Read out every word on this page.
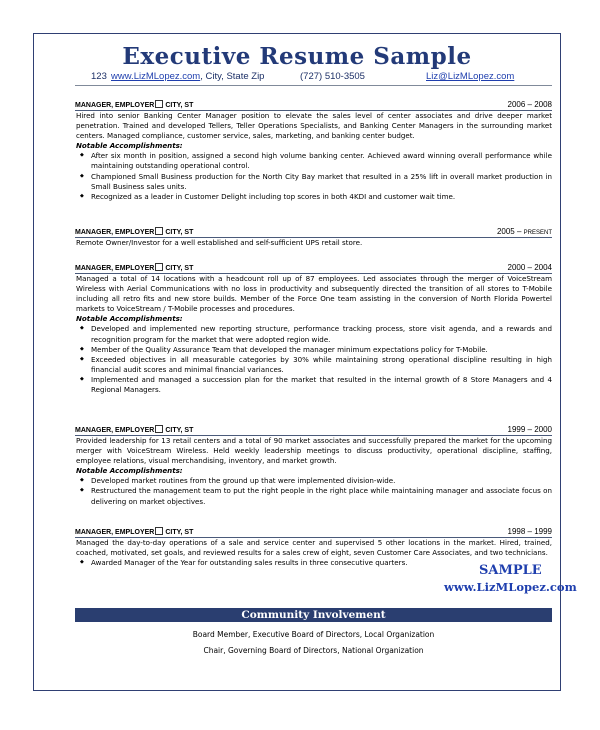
Executive Resume Sample
123 www.LizMLopez.com, City, State Zip	(727) 510-3505	Liz@LizMLopez.com
MANAGER, EMPLOYER CITY, ST	2006 – 2008

Hired into senior Banking Center Manager position to elevate the sales level of center associates and drive deeper market penetration. Trained and developed Tellers, Teller Operations Specialists, and Banking Center Managers in the surrounding market centers. Managed compliance, customer service, sales, marketing, and banking center budget.

Notable Accomplishments:
◆ After six month in position, assigned a second high volume banking center. Achieved award winning overall performance while maintaining outstanding operational control.
◆ Championed Small Business production for the North City Bay market that resulted in a 25% lift in overall market production in Small Business sales units.
◆ Recognized as a leader in Customer Delight including top scores in both 4KDI and customer wait time.
MANAGER, EMPLOYER CITY, ST	2005 – PRESENT

Remote Owner/Investor for a well established and self-sufficient UPS retail store.

MANAGER, EMPLOYER CITY, ST	2000 – 2004

Managed a total of 14 locations with a headcount roll up of 87 employees. Led associates through the merger of VoiceStream Wireless with Aerial Communications with no loss in productivity and subsequently directed the transition of all stores to T-Mobile including all retro fits and new store builds. Member of the Force One team assisting in the conversion of North Florida Powertel markets to VoiceStream / T-Mobile processes and procedures.

Notable Accomplishments:
◆ Developed and implemented new reporting structure, performance tracking process, store visit agenda, and a rewards and recognition program for the market that were adopted region wide.
◆ Member of the Quality Assurance Team that developed the manager minimum expectations policy for T-Mobile.
◆ Exceeded objectives in all measurable categories by 30% while maintaining strong operational discipline resulting in high financial audit scores and minimal financial variances.
◆ Implemented and managed a succession plan for the market that resulted in the internal growth of 8 Store Managers and 4 Regional Managers.
MANAGER, EMPLOYER CITY, ST	1999 – 2000

Provided leadership for 13 retail centers and a total of 90 market associates and successfully prepared the market for the upcoming merger with VoiceStream Wireless. Held weekly leadership meetings to discuss productivity, operational discipline, staffing, employee relations, visual merchandising, inventory, and market growth.

Notable Accomplishments:
◆ Developed market routines from the ground up that were implemented division-wide.
◆ Restructured the management team to put the right people in the right place while maintaining manager and associate focus on delivering on market objectives.
MANAGER, EMPLOYER CITY, ST	1998 – 1999

Managed the day-to-day operations of a sale and service center and supervised 5 other locations in the market. Hired, trained, coached, motivated, set goals, and reviewed results for a sales crew of eight, seven Customer Care Associates, and two technicians.

◆ Awarded Manager of the Year for outstanding sales results in three consecutive quarters.
SAMPLE
www.LizMLopez.com
Community Involvement
Board Member, Executive Board of Directors, Local Organization
Chair, Governing Board of Directors, National Organization
